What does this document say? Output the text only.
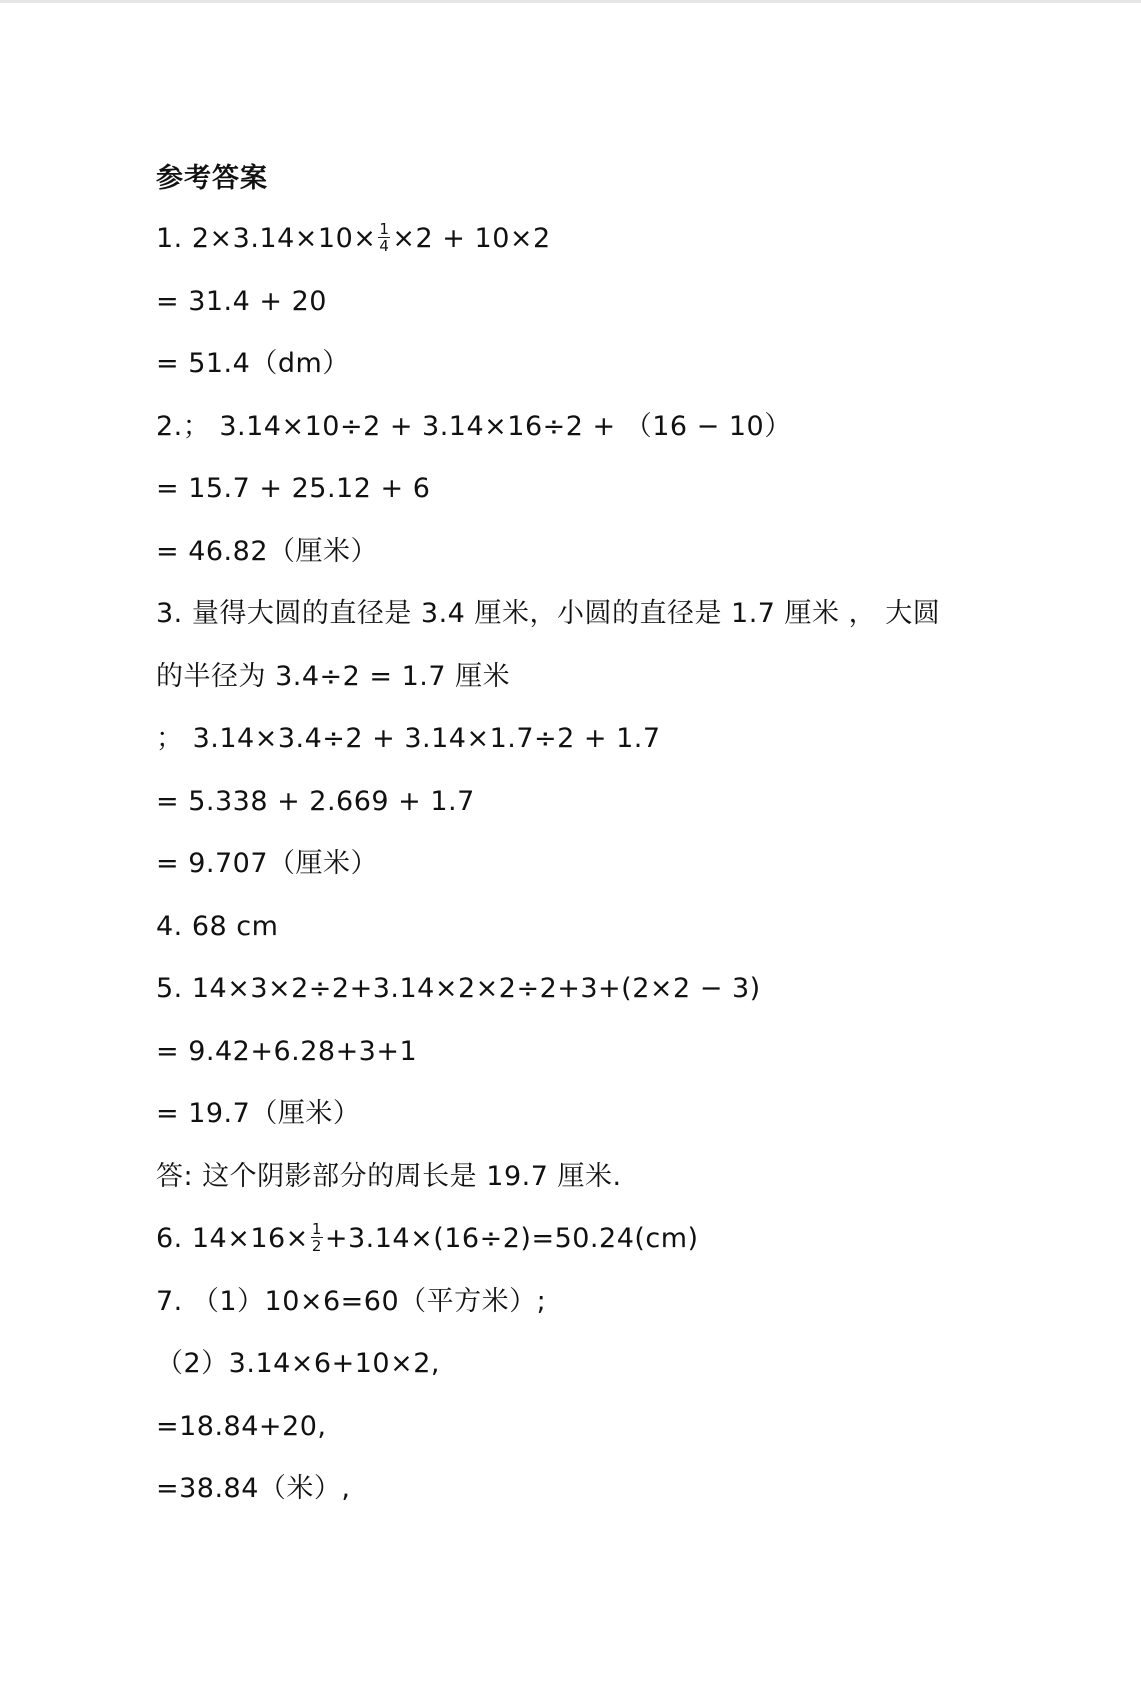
参考答案
1. $2\times 3.14\times 10\times \frac{1}{4} \times 2 + 10\times 2$
= 31.4 + 20
= 51.4（dm）
2.； 3.14×10÷2 + 3.14×16÷2 + （16 − 10）
= 15.7 + 25.12 + 6
= 46.82（厘米）
3. 量得大圆的直径是 3.4 厘米，小圆的直径是 1.7 厘米 ， 大圆
的半径为 3.4÷2 = 1.7 厘米
； 3.14×3.4÷2 + 3.14×1.7÷2 + 1.7
= 5.338 + 2.669 + 1.7
= 9.707（厘米）
4. 68 cm
5. 14×3×2÷2+3.14×2×2÷2+3+(2×2 − 3)
= 9.42+6.28+3+1
= 19.7（厘米）
答: 这个阴影部分的周长是 19.7 厘米.
6. $14\times 16\times \frac{1}{2} +3.14\times(16\div 2)=50.24(cm)$
7. （1）10×6=60（平方米）;
（2）3.14×6+10×2,
=18.84+20,
=38.84（米）,
